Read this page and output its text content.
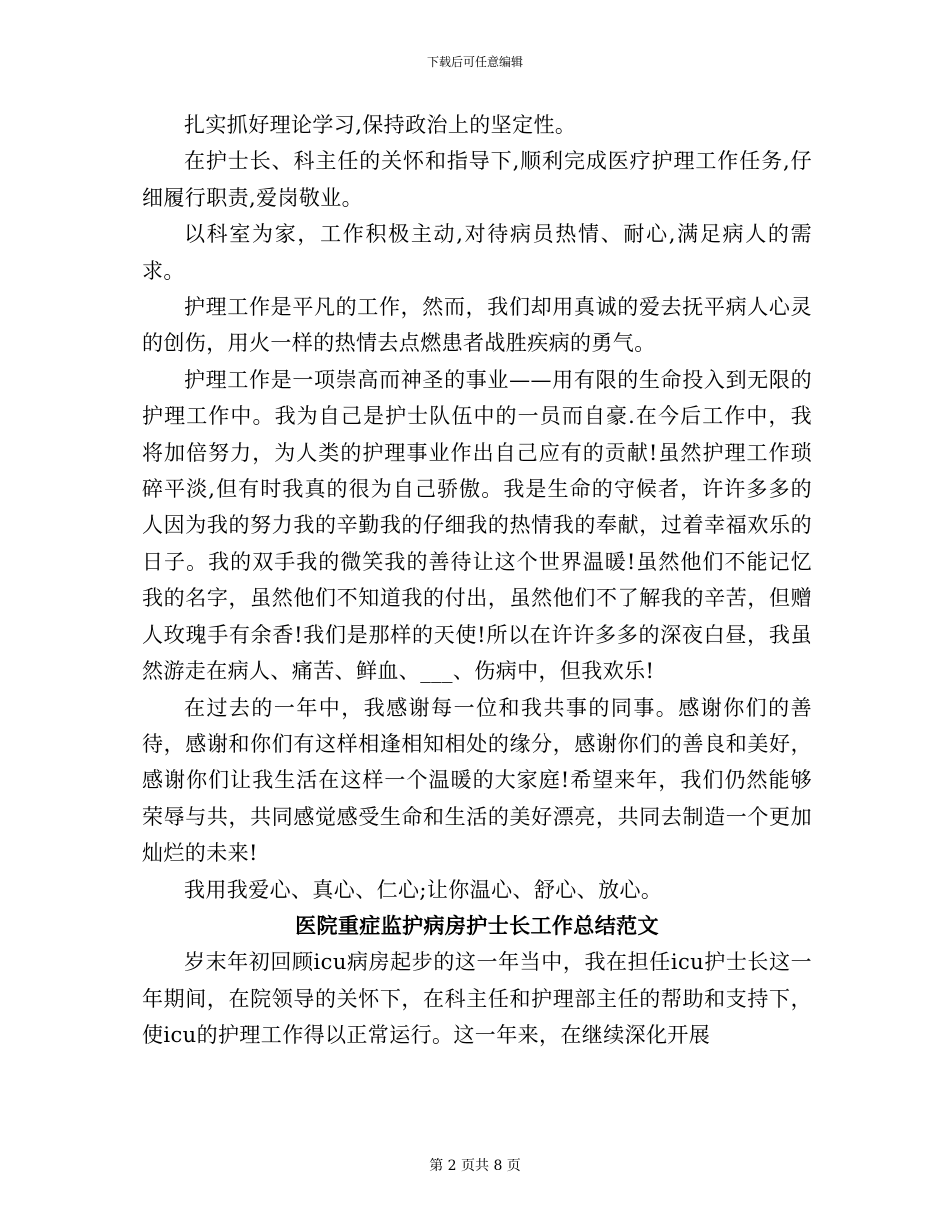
下载后可任意编辑

扎实抓好理论学习,保持政治上的坚定性。

在护士长、科主任的关怀和指导下,顺利完成医疗护理工作任务,仔细履行职责,爱岗敬业。

以科室为家，工作积极主动,对待病员热情、耐心,满足病人的需求。

护理工作是平凡的工作，然而，我们却用真诚的爱去抚平病人心灵的创伤，用火一样的热情去点燃患者战胜疾病的勇气。

护理工作是一项崇高而神圣的事业——用有限的生命投入到无限的护理工作中。我为自己是护士队伍中的一员而自豪.在今后工作中，我将加倍努力，为人类的护理事业作出自己应有的贡献!虽然护理工作琐碎平淡,但有时我真的很为自己骄傲。我是生命的守候者，许许多多的人因为我的努力我的辛勤我的仔细我的热情我的奉献，过着幸福欢乐的日子。我的双手我的微笑我的善待让这个世界温暖!虽然他们不能记忆我的名字，虽然他们不知道我的付出，虽然他们不了解我的辛苦，但赠人玫瑰手有余香!我们是那样的天使!所以在许许多多的深夜白昼，我虽然游走在病人、痛苦、鲜血、___、伤病中，但我欢乐!

在过去的一年中，我感谢每一位和我共事的同事。感谢你们的善待，感谢和你们有这样相逢相知相处的缘分，感谢你们的善良和美好，感谢你们让我生活在这样一个温暖的大家庭!希望来年，我们仍然能够荣辱与共，共同感觉感受生命和生活的美好漂亮，共同去制造一个更加灿烂的未来!

我用我爱心、真心、仁心;让你温心、舒心、放心。

医院重症监护病房护士长工作总结范文

岁末年初回顾icu病房起步的这一年当中，我在担任icu护士长这一年期间，在院领导的关怀下，在科主任和护理部主任的帮助和支持下，使icu的护理工作得以正常运行。这一年来，在继续深化开展

第 2 页共 8 页
